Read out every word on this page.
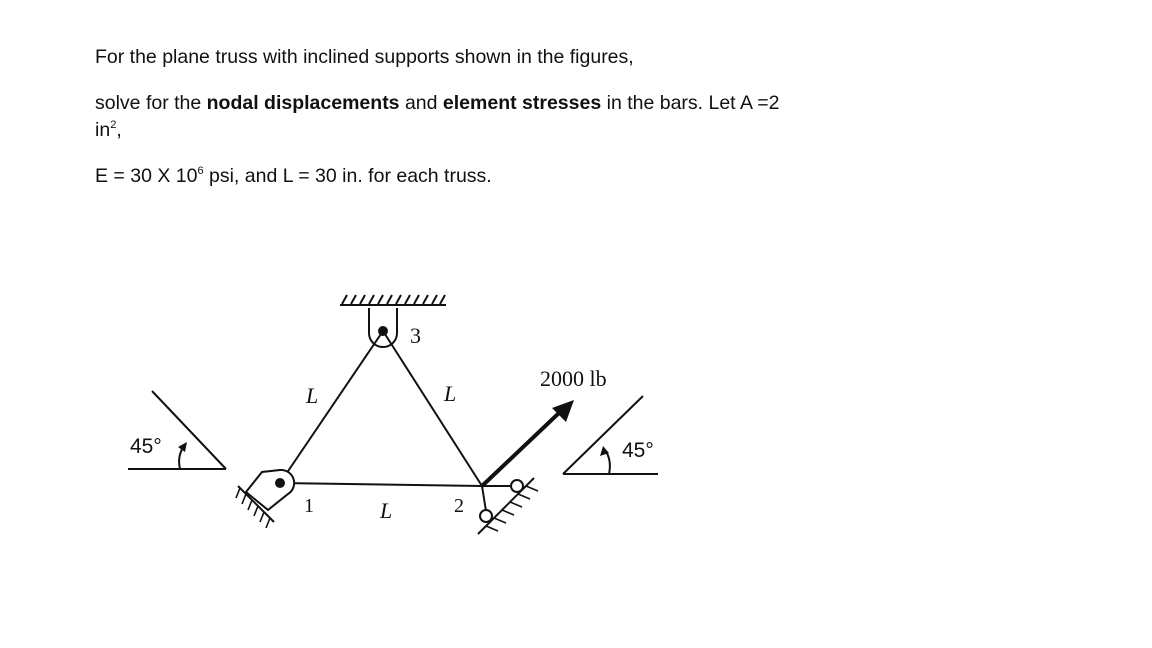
For the plane truss with inclined supports shown in the figures,

solve for the nodal displacements and element stresses in the bars. Let A =2

$in^2$,

E = 30 X $10^6$ psi, and L = 30 in. for each truss.

3
1	2
L	L
L
2000 lb
45°	45°
